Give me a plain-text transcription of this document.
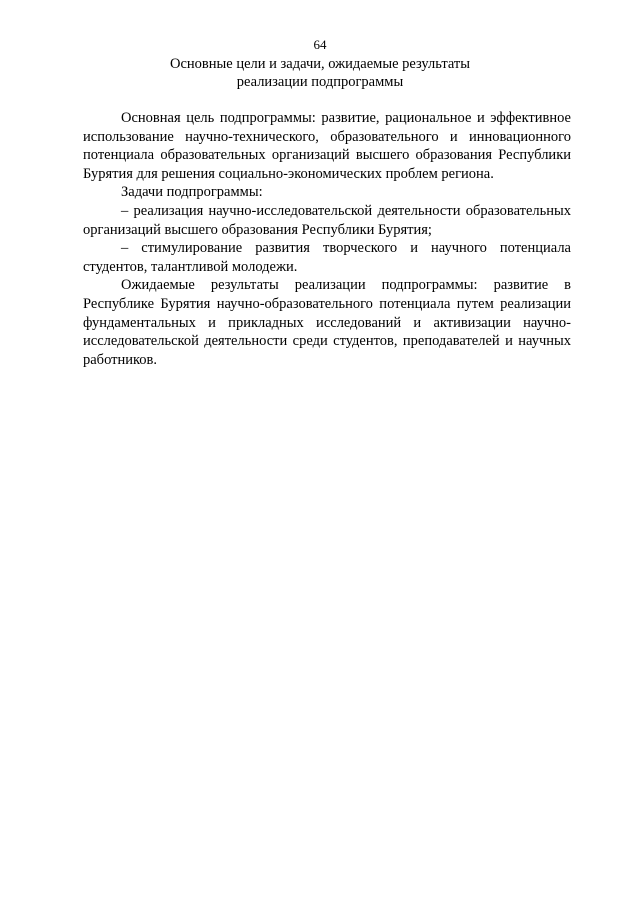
64
Основные цели и задачи, ожидаемые результаты
реализации подпрограммы

Основная цель подпрограммы: развитие, рациональное и эффективное использование научно-технического, образовательного и инновационного потенциала образовательных организаций высшего образования Республики Бурятия для решения социально-экономических проблем региона.

Задачи подпрограммы:

– реализация научно-исследовательской деятельности образовательных организаций высшего образования Республики Бурятия;

– стимулирование развития творческого и научного потенциала студентов, талантливой молодежи.

Ожидаемые результаты реализации подпрограммы: развитие в Республике Бурятия научно-образовательного потенциала путем реализации фундаментальных и прикладных исследований и активизации научно-исследовательской деятельности среди студентов, преподавателей и научных работников.
